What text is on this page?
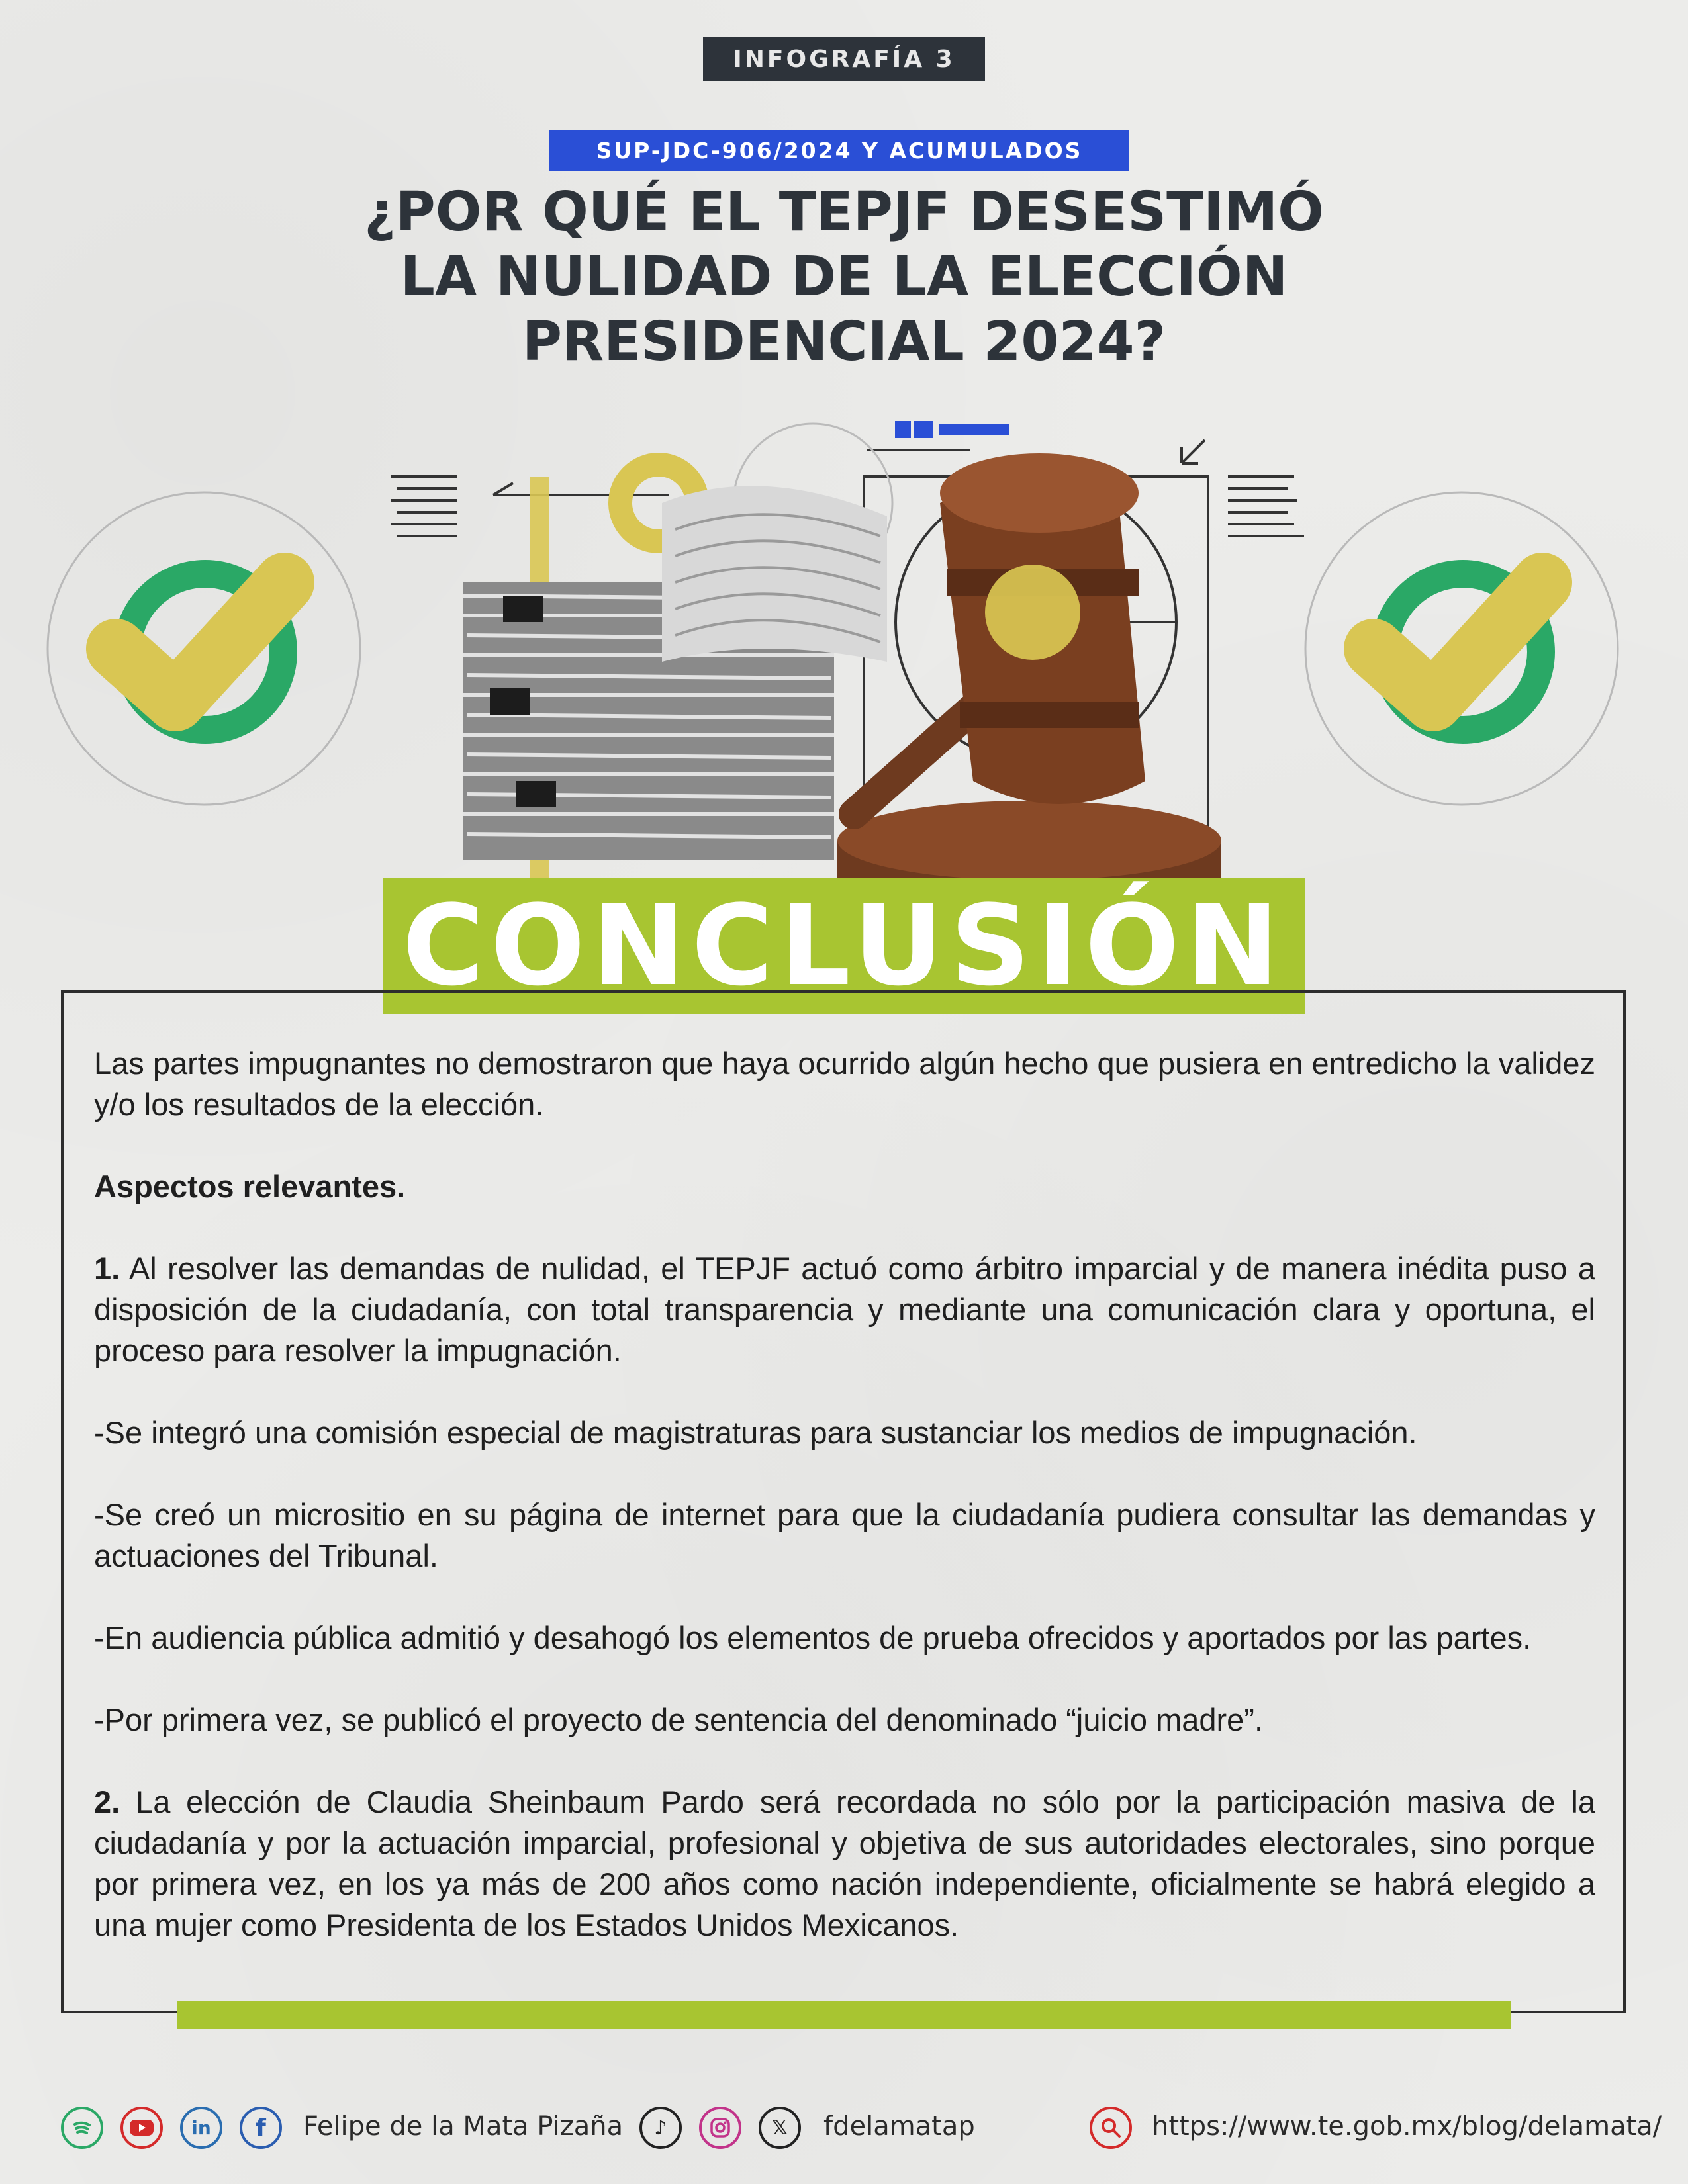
INFOGRAFÍA 3
SUP-JDC-906/2024 Y ACUMULADOS
¿POR QUÉ EL TEPJF DESESTIMÓ
LA NULIDAD DE LA ELECCIÓN
PRESIDENCIAL 2024?
CONCLUSIÓN

Las partes impugnantes no demostraron que haya ocurrido algún hecho que pusiera en entredicho la validez y/o los resultados de la elección.

Aspectos relevantes.

1. Al resolver las demandas de nulidad, el TEPJF actuó como árbitro imparcial y de manera inédita puso a disposición de la ciudadanía, con total transparencia y mediante una comunicación clara y oportuna, el proceso para resolver la impugnación.

-Se integró una comisión especial de magistraturas para sustanciar los medios de impugnación.

-Se creó un micrositio en su página de internet para que la ciudadanía pudiera consultar las demandas y actuaciones del Tribunal.

-En audiencia pública admitió y desahogó los elementos de prueba ofrecidos y aportados por las partes.

-Por primera vez, se publicó el proyecto de sentencia del denominado “juicio madre”.

2. La elección de Claudia Sheinbaum Pardo será recordada no sólo por la participación masiva de la ciudadanía y por la actuación imparcial, profesional y objetiva de sus autoridades electorales, sino porque por primera vez, en los ya más de 200 años como nación independiente, oficialmente se habrá elegido a una mujer como Presidenta de los Estados Unidos Mexicanos.

in	f	Felipe de la Mata Pizaña	♪	𝕏	fdelamatap	https://www.te.gob.mx/blog/delamata/
